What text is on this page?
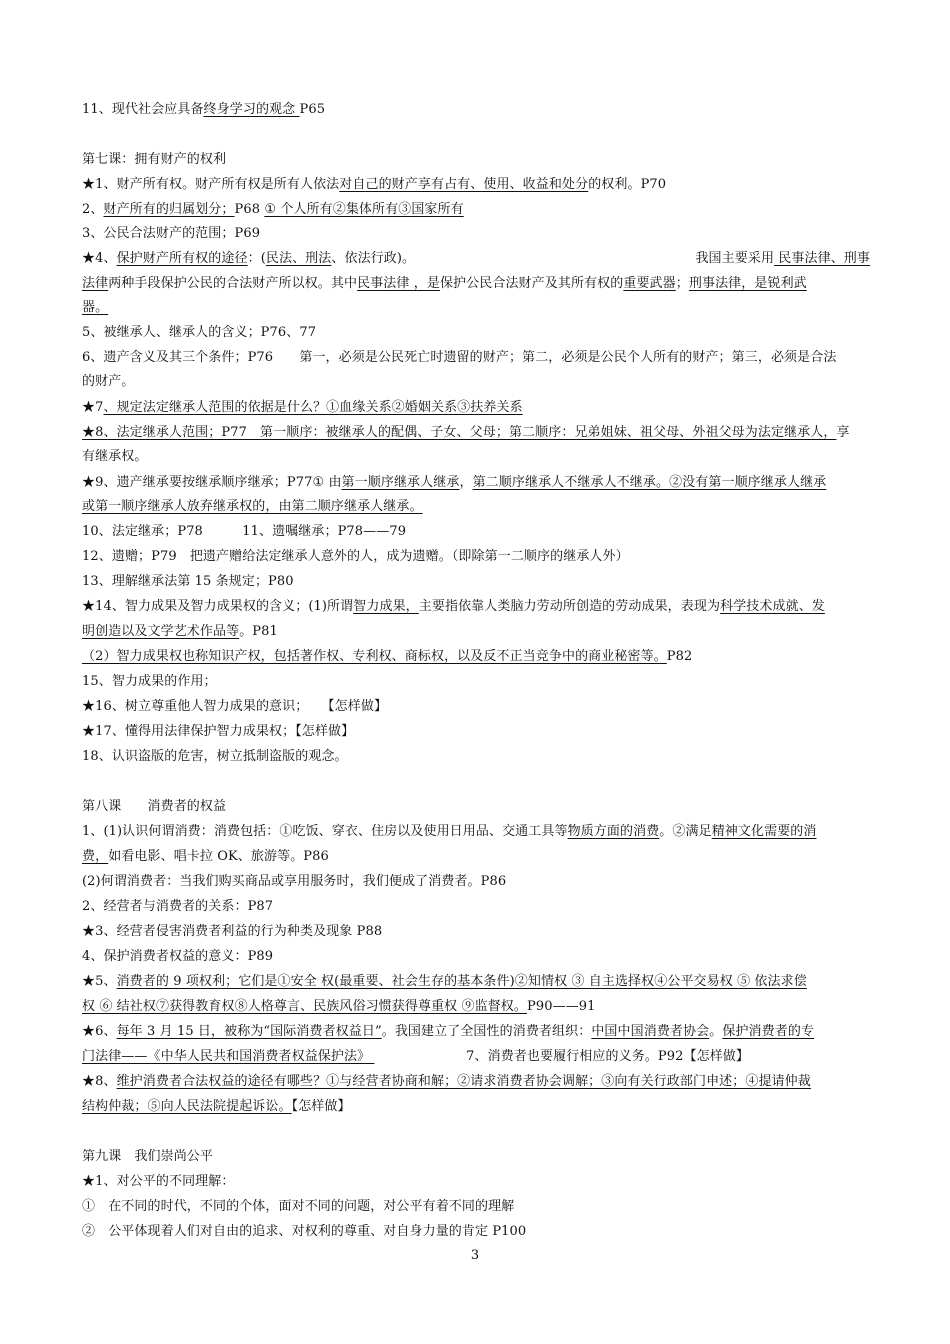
11、现代社会应具备终身学习的观念 P65
第七课：拥有财产的权利
★1、财产所有权。财产所有权是所有人依法对自己的财产享有占有、使用、收益和处分的权利。P70
2、财产所有的归属划分；P68 ① 个人所有②集体所有③国家所有
3、公民合法财产的范围；P69
★4、保护财产所有权的途径：(民法、刑法、依法行政)。	我国主要采用 民事法律、刑事
法律两种手段保护公民的合法财产所以权。其中民事法律 ，是保护公民合法财产及其所有权的重要武器；刑事法律，是锐利武
器。
5、被继承人、继承人的含义；P76、77
6、遗产含义及其三个条件；P76　　第一，必须是公民死亡时遗留的财产；第二，必须是公民个人所有的财产；第三，必须是合法
的财产。
★7、规定法定继承人范围的依据是什么？①血缘关系②婚姻关系③扶养关系
★8、法定继承人范围；P77　第一顺序：被继承人的配偶、子女、父母；第二顺序：兄弟姐妹、祖父母、外祖父母为法定继承人，享
有继承权。
★9、遗产继承要按继承顺序继承；P77① 由第一顺序继承人继承，第二顺序继承人不继承人不继承。②没有第一顺序继承人继承
或第一顺序继承人放弃继承权的，由第二顺序继承人继承。
10、法定继承；P78　　　11、遗嘱继承；P78——79
12、遗赠；P79　把遗产赠给法定继承人意外的人，成为遗赠。（即除第一二顺序的继承人外）
13、理解继承法第 15 条规定；P80
★14、智力成果及智力成果权的含义；(1)所谓智力成果，主要指依靠人类脑力劳动所创造的劳动成果，表现为科学技术成就、发
明创造以及文学艺术作品等。P81
（2）智力成果权也称知识产权，包括著作权、专利权、商标权，以及反不正当竞争中的商业秘密等。P82
15、智力成果的作用；
★16、树立尊重他人智力成果的意识；　　【怎样做】
★17、懂得用法律保护智力成果权；【怎样做】
18、认识盗版的危害，树立抵制盗版的观念。
第八课　　消费者的权益
1、(1)认识何谓消费：消费包括：①吃饭、穿衣、住房以及使用日用品、交通工具等物质方面的消费。②满足精神文化需要的消
费，如看电影、唱卡拉 OK、旅游等。P86
(2)何谓消费者：当我们购买商品或享用服务时，我们便成了消费者。P86
2、经营者与消费者的关系：P87
★3、经营者侵害消费者利益的行为种类及现象 P88
4、保护消费者权益的意义：P89
★5、消费者的 9 项权利；它们是①安全 权(最重要、社会生存的基本条件)②知情权 ③ 自主选择权④公平交易权 ⑤ 依法求偿
权 ⑥ 结社权⑦获得教育权⑧人格尊言、民族风俗习惯获得尊重权 ⑨监督权。P90——91
★6、每年 3 月 15 日，被称为“国际消费者权益日”。我国建立了全国性的消费者组织：中国中国消费者协会。保护消费者的专
门法律——《中华人民共和国消费者权益保护法》 　　　　　　　7、消费者也要履行相应的义务。P92【怎样做】
★8、维护消费者合法权益的途径有哪些？①与经营者协商和解；②请求消费者协会调解；③向有关行政部门申述；④提请仲裁
结构仲裁；⑤向人民法院提起诉讼。【怎样做】
第九课　我们崇尚公平
★1、对公平的不同理解：
①　在不同的时代，不同的个体，面对不同的问题，对公平有着不同的理解
②　公平体现着人们对自由的追求、对权利的尊重、对自身力量的肯定 P100
3
